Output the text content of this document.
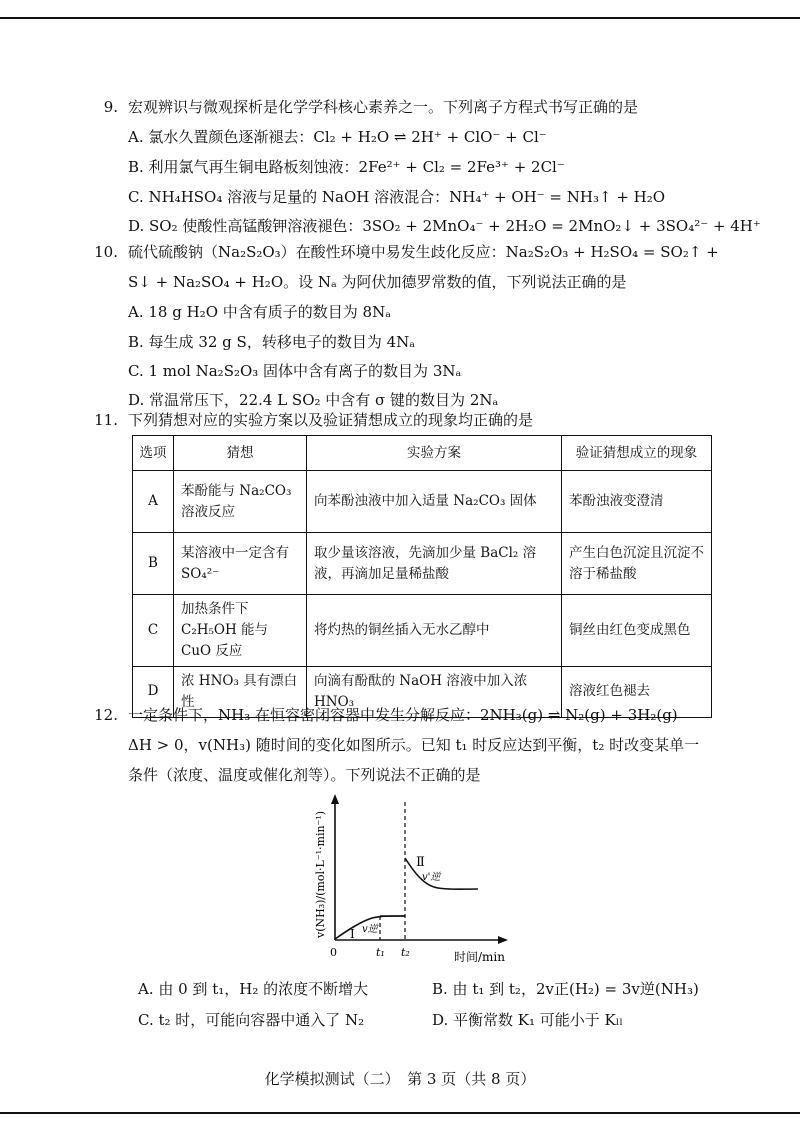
9. 宏观辨识与微观探析是化学学科核心素养之一。下列离子方程式书写正确的是
A. 氯水久置颜色逐渐褪去：Cl₂ + H₂O ⇌ 2H⁺ + ClO⁻ + Cl⁻
B. 利用氯气再生铜电路板刻蚀液：2Fe²⁺ + Cl₂ = 2Fe³⁺ + 2Cl⁻
C. NH₄HSO₄ 溶液与足量的 NaOH 溶液混合：NH₄⁺ + OH⁻ = NH₃↑ + H₂O
D. SO₂ 使酸性高锰酸钾溶液褪色：3SO₂ + 2MnO₄⁻ + 2H₂O = 2MnO₂↓ + 3SO₄²⁻ + 4H⁺
10. 硫代硫酸钠（Na₂S₂O₃）在酸性环境中易发生歧化反应：Na₂S₂O₃ + H₂SO₄ = SO₂↑ +
S↓ + Na₂SO₄ + H₂O。设 Nₐ 为阿伏加德罗常数的值，下列说法正确的是
A. 18 g H₂O 中含有质子的数目为 8Nₐ
B. 每生成 32 g S，转移电子的数目为 4Nₐ
C. 1 mol Na₂S₂O₃ 固体中含有离子的数目为 3Nₐ
D. 常温常压下，22.4 L SO₂ 中含有 σ 键的数目为 2Nₐ
11. 下列猜想对应的实验方案以及验证猜想成立的现象均正确的是
选项	猜想	实验方案	验证猜想成立的现象
A	苯酚能与 Na₂CO₃ 溶液反应	向苯酚浊液中加入适量 Na₂CO₃ 固体	苯酚浊液变澄清
B	某溶液中一定含有 SO₄²⁻	取少量该溶液，先滴加少量 BaCl₂ 溶液，再滴加足量稀盐酸	产生白色沉淀且沉淀不溶于稀盐酸
C	加热条件下 C₂H₅OH 能与 CuO 反应	将灼热的铜丝插入无水乙醇中	铜丝由红色变成黑色
D	浓 HNO₃ 具有漂白性	向滴有酚酞的 NaOH 溶液中加入浓 HNO₃	溶液红色褪去
12. 一定条件下，NH₃ 在恒容密闭容器中发生分解反应：2NH₃(g) ⇌ N₂(g) + 3H₂(g)
ΔH > 0，v(NH₃) 随时间的变化如图所示。已知 t₁ 时反应达到平衡，t₂ 时改变某单一
条件（浓度、温度或催化剂等）。下列说法不正确的是
Ⅰ v逆
Ⅱ
v'逆
0	t₁ t₂	时间/min
v(NH₃)/(mol·L⁻¹·min⁻¹)
A. 由 0 到 t₁，H₂ 的浓度不断增大	B. 由 t₁ 到 t₂，2v正(H₂) = 3v逆(NH₃)
C. t₂ 时，可能向容器中通入了 N₂	D. 平衡常数 K₁ 可能小于 Kₗₗ
化学模拟测试（二）　第 3 页（共 8 页）
